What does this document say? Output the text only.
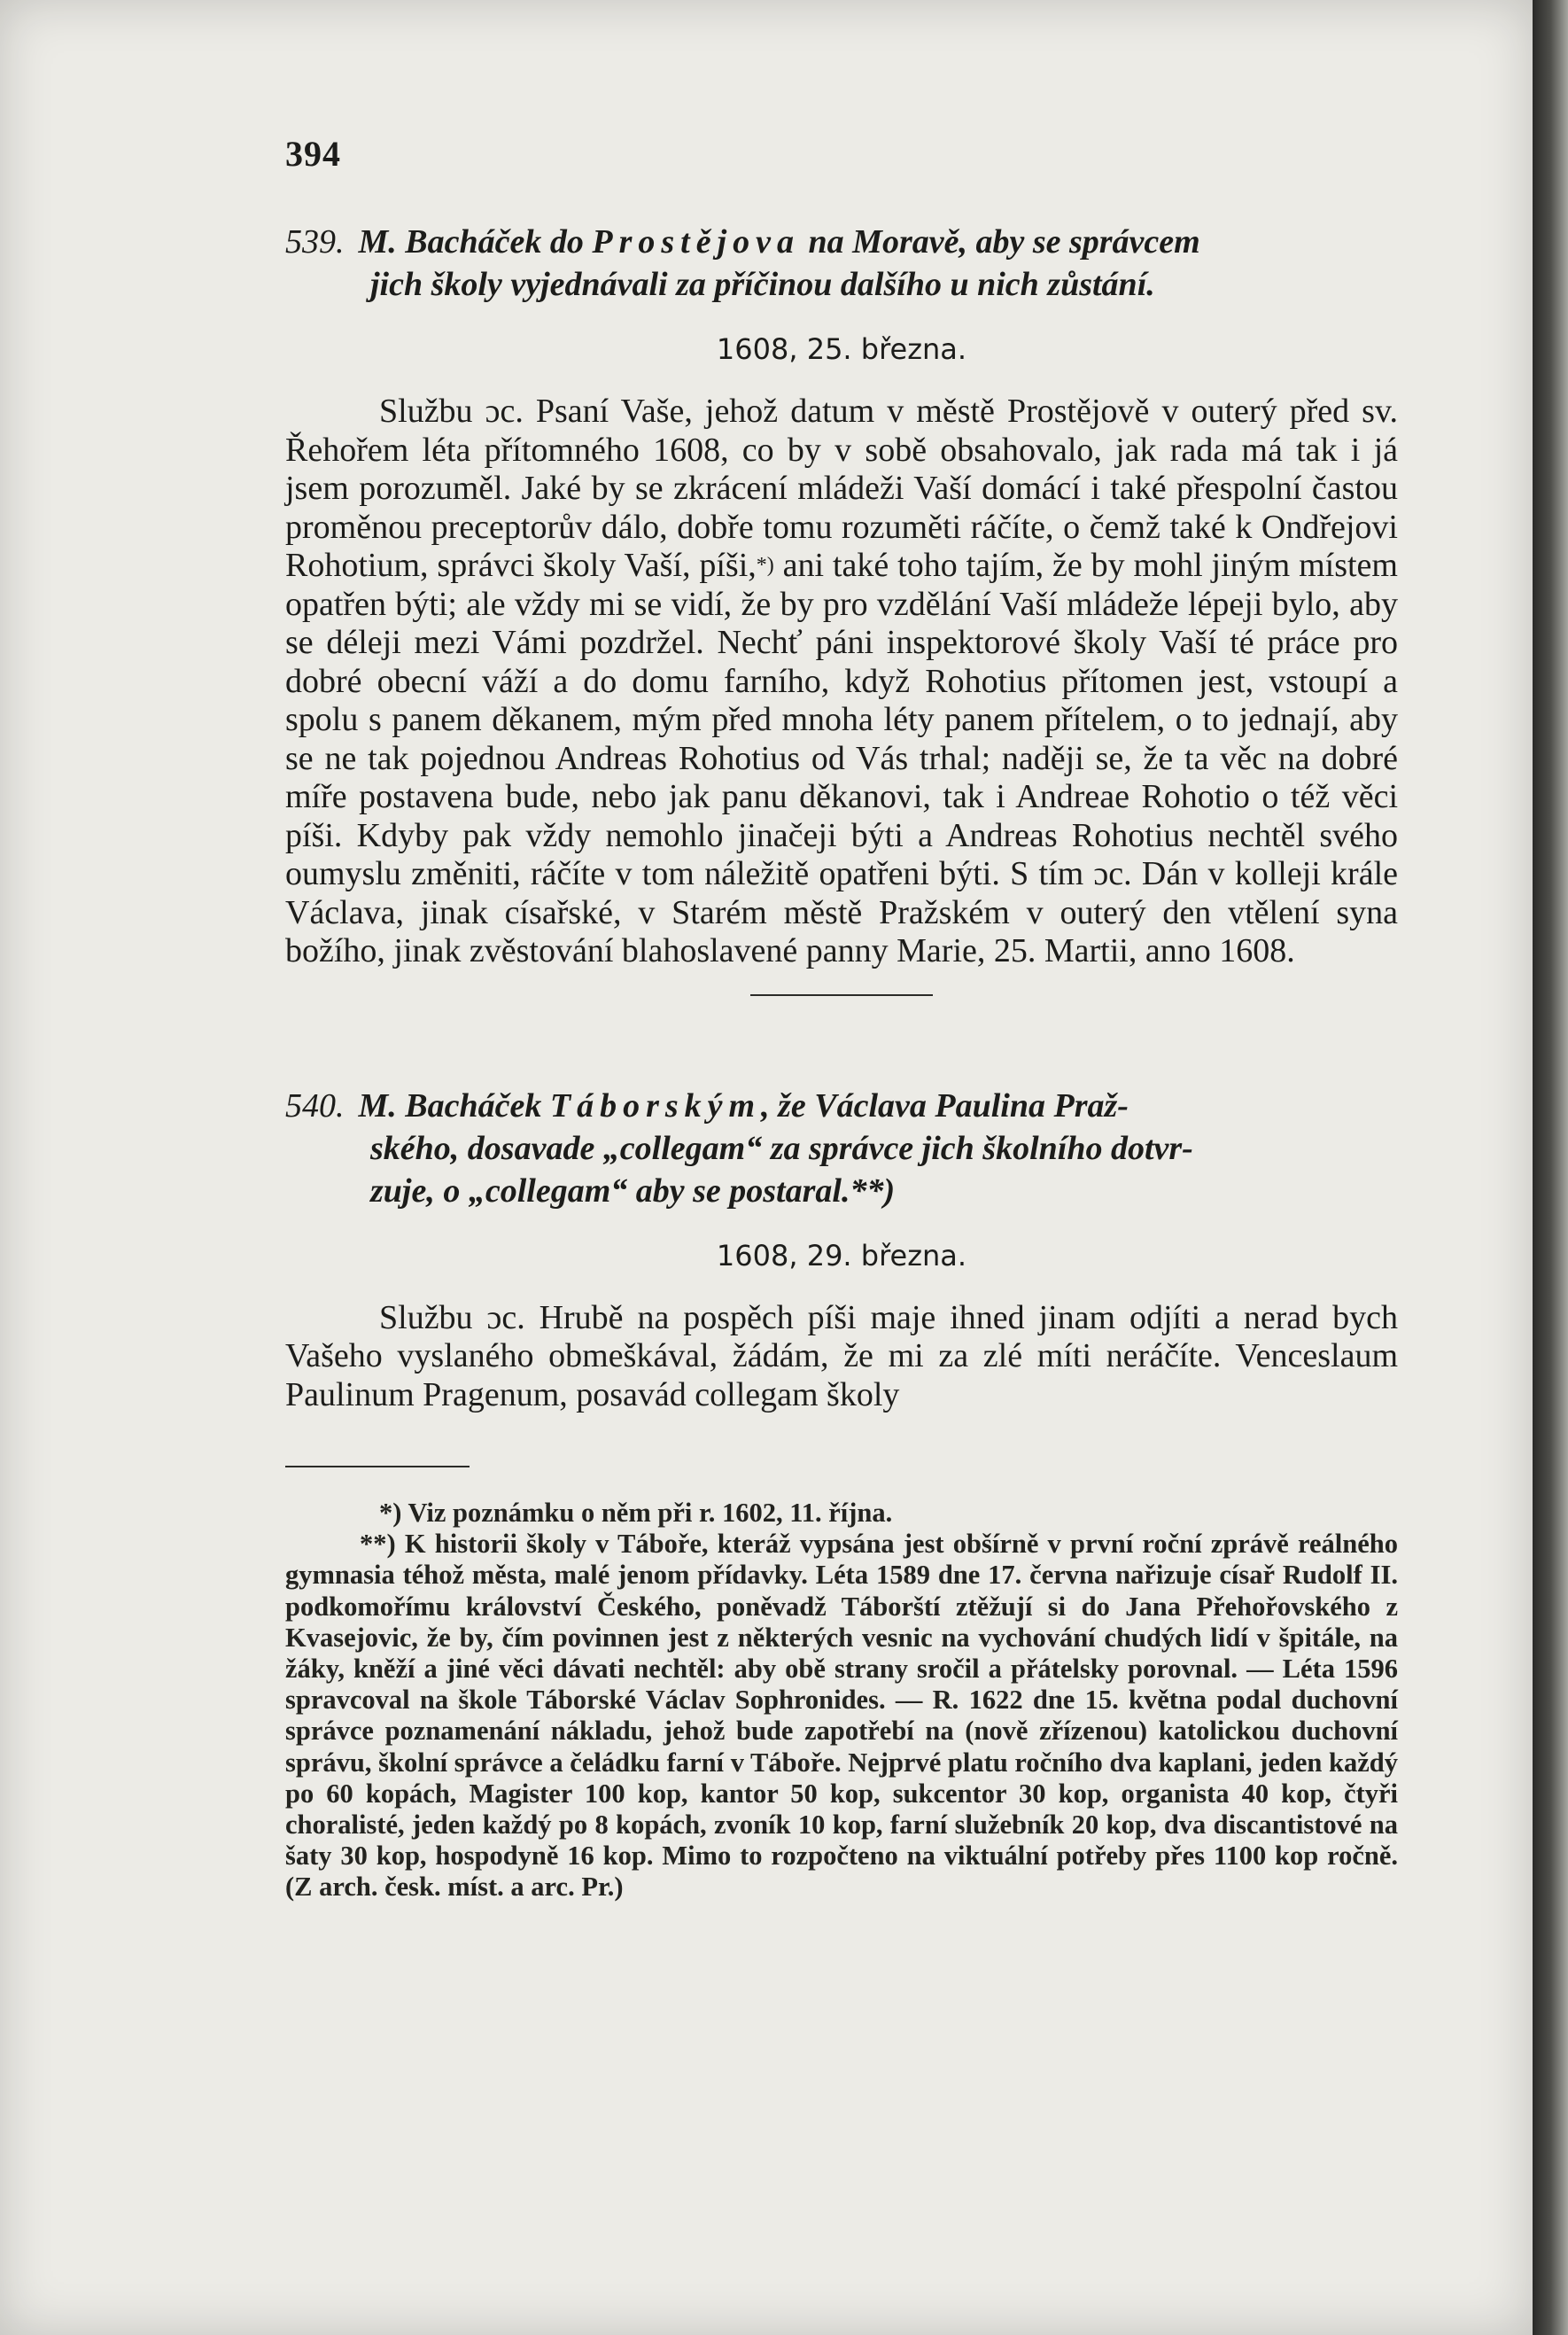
394
539. M. Bacháček do Prostějova na Moravě, aby se správcem
jich školy vyjednávali za příčinou dalšího u nich zůstání.
1608, 25. března.

Službu ɔc. Psaní Vaše, jehož datum v městě Prostějově v outerý před sv. Řehořem léta přítomného 1608, co by v sobě obsahovalo, jak rada má tak i já jsem porozuměl. Jaké by se zkrácení mládeži Vaší domácí i také přespolní častou proměnou preceptorův dálo, dobře tomu rozuměti ráčíte, o čemž také k Ondřejovi Rohotium, správci školy Vaší, píši,*) ani také toho tajím, že by mohl jiným místem opatřen býti; ale vždy mi se vidí, že by pro vzdělání Vaší mládeže lépeji bylo, aby se déleji mezi Vámi pozdržel. Nechť páni inspektorové školy Vaší té práce pro dobré obecní váží a do domu farního, když Rohotius přítomen jest, vstoupí a spolu s panem děkanem, mým před mnoha léty panem přítelem, o to jednají, aby se ne tak pojednou Andreas Rohotius od Vás trhal; naději se, že ta věc na dobré míře postavena bude, nebo jak panu děkanovi, tak i Andreae Rohotio o též věci píši. Kdyby pak vždy nemohlo jinačeji býti a Andreas Rohotius nechtěl svého oumyslu změniti, ráčíte v tom náležitě opatřeni býti. S tím ɔc. Dán v kolleji krále Václava, jinak císařské, v Starém městě Pražském v outerý den vtělení syna božího, jinak zvěstování blahoslavené panny Marie, 25. Martii, anno 1608.

540. M. Bacháček Táborským, že Václava Paulina Praž-
ského, dosavade „collegam“ za správce jich školního dotvr-
zuje, o „collegam“ aby se postaral.**)
1608, 29. března.

Službu ɔc. Hrubě na pospěch píši maje ihned jinam odjíti a nerad bych Vašeho vyslaného obmeškával, žádám, že mi za zlé míti neráčíte. Venceslaum Paulinum Pragenum, posavád collegam školy

*) Viz poznámku o něm při r. 1602, 11. října.

**) K historii školy v Táboře, kteráž vypsána jest obšírně v první roční zprávě reálného gymnasia téhož města, malé jenom přídavky. Léta 1589 dne 17. června nařizuje císař Rudolf II. podkomořímu království Českého, poněvadž Táborští ztěžují si do Jana Přehořovského z Kvasejovic, že by, čím povinnen jest z některých vesnic na vychování chudých lidí v špitále, na žáky, kněží a jiné věci dávati nechtěl: aby obě strany sročil a přátelsky porovnal. — Léta 1596 spravcoval na škole Táborské Václav Sophronides. — R. 1622 dne 15. května podal duchovní správce poznamenání nákladu, jehož bude zapotřebí na (nově zřízenou) katolickou duchovní správu, školní správce a čeládku farní v Táboře. Nejprvé platu ročního dva kaplani, jeden každý po 60 kopách, Magister 100 kop, kantor 50 kop, sukcentor 30 kop, organista 40 kop, čtyři choralisté, jeden každý po 8 kopách, zvoník 10 kop, farní služebník 20 kop, dva discantistové na šaty 30 kop, hospodyně 16 kop. Mimo to rozpočteno na viktuální potřeby přes 1100 kop ročně. (Z arch. česk. míst. a arc. Pr.)
